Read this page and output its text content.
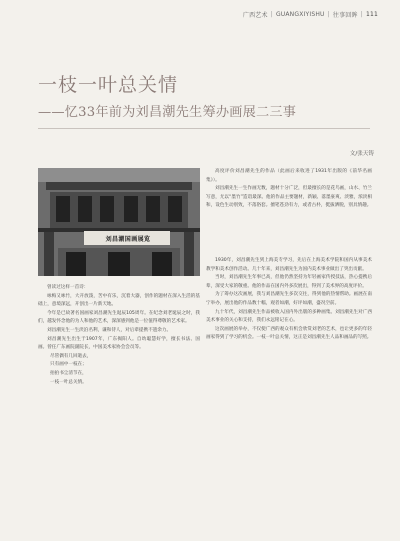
广西艺术 | GUANGXIYISHU | 往事回眸 | 111
一枝一叶总关情
——忆33年前为刘昌潮先生筹办画展二三事
文/张天铸
刘昌潮国画展览

高度评价刘昌潮先生的作品（此画后来收进了1931年出版的《前华名画集》）。

刘昌潮先生一生作画无数，题材十分广泛，但最擅长的是花鸟画，山水、竹兰写意，尤以“墨竹”造诣最深。他的作品主要题材，新颖、落墨豪爽、淡雅，浓淡相和，设色生动别致，不落俗套。擅笔苍劲有力，或者古朴，挺拔洒脱，别具情趣。

曾读过这样一首诗：

咏梅又咏竹，大开放泼，苦中有乐，沉着大器，创作的题材在深入生活的基础上，意境深远，开创出一片新天地。

今年是已故著名国画家刘昌潮先生诞辰105周年。在纪念刘老诞辰之时，我们，越发怀念他的为人和他的艺术，深深感到他是一位值得尊敬的艺术家。

刘昌潮先生一生淡泊名利，谦和待人，对后辈提携不遗余力。

刘昌潮先生出生于1907年，广东揭阳人。自幼聪慧好学，擅长书法、国画。曾任广东画院副院长，中国美术家协会会员等。

尽管偶有几回逝去，

只有画中一枝在；

拍拍书尘清节在，

一枝一叶总关情。

1930年，刘昌潮先生到上海美专学习，先后在上海美术学院和国内从事美术教学和美术创作活动。几十年来，刘昌潮先生为国内美术事业做出了突出贡献。

当时，刘昌潮先生年事已高，但他仍然坚持为年轻画家传授技法，热心提携后辈，深受大家的敬重。他的作品在国内外多次展出，得到了美术界的高度评价。

为了筹办这次画展，我与刘昌潮先生多次交往，得到他的热情帮助。画展在南宁举办，展出他的作品数十幅，观者如潮，好评如潮，盛况空前。

九十年代，刘昌潮先生作品被收入国内外出版的多种画集。刘昌潮先生对广西美术事业的关心和支持，我们永远铭记在心。

这次画展的举办，不仅使广西的观众有机会欣赏刘老的艺术，也让更多的年轻画家得到了学习的机会。一枝一叶总关情，这正是刘昌潮先生人品和画品的写照。
